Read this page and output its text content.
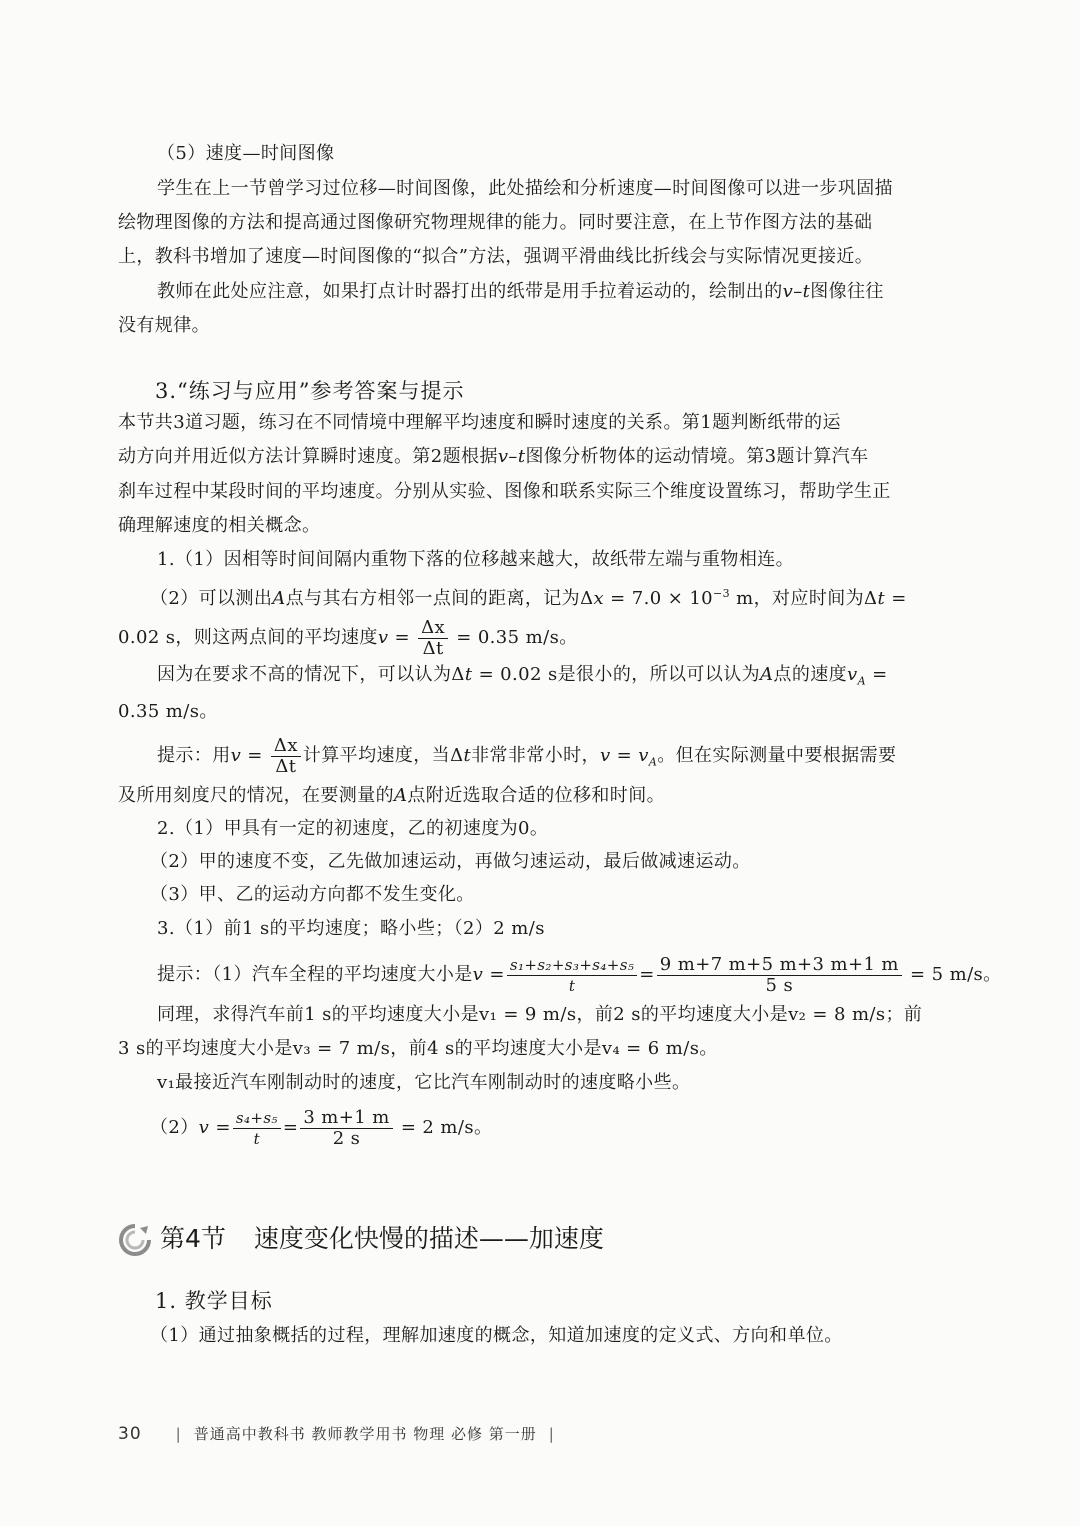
（5）速度—时间图像
学生在上一节曾学习过位移—时间图像，此处描绘和分析速度—时间图像可以进一步巩固描
绘物理图像的方法和提高通过图像研究物理规律的能力。同时要注意，在上节作图方法的基础
上，教科书增加了速度—时间图像的“拟合”方法，强调平滑曲线比折线会与实际情况更接近。
教师在此处应注意，如果打点计时器打出的纸带是用手拉着运动的，绘制出的v–t图像往往
没有规律。
3.“练习与应用”参考答案与提示
本节共3道习题，练习在不同情境中理解平均速度和瞬时速度的关系。第1题判断纸带的运
动方向并用近似方法计算瞬时速度。第2题根据v–t图像分析物体的运动情境。第3题计算汽车
刹车过程中某段时间的平均速度。分别从实验、图像和联系实际三个维度设置练习，帮助学生正
确理解速度的相关概念。
1.（1）因相等时间间隔内重物下落的位移越来越大，故纸带左端与重物相连。
（2）可以测出A点与其右方相邻一点间的距离，记为$\Delta x = 7.0 \times 10^{-3}$ m，对应时间为Δt =
0.02 s，则这两点间的平均速度$v = \frac{\Delta x}{\Delta t} = 0.35$ m/s。
因为在要求不高的情况下，可以认为Δt = 0.02 s是很小的，所以可以认为A点的速度$v_A$ =
0.35 m/s。
提示：用$v = \frac{\Delta x}{\Delta t}$ 计算平均速度，当Δt非常非常小时，$v = v_A$。但在实际测量中要根据需要
及所用刻度尺的情况，在要测量的A点附近选取合适的位移和时间。
2.（1）甲具有一定的初速度，乙的初速度为0。
（2）甲的速度不变，乙先做加速运动，再做匀速运动，最后做减速运动。
（3）甲、乙的运动方向都不发生变化。
3.（1）前1 s的平均速度；略小些；（2）2 m/s
提示：（1）汽车全程的平均速度大小是$v = \frac{\text{s₁+s₂+s₃+s₄+s₅}}{t} = \frac{9 m+7 m+5 m+3 m+1 m}{5 s} = 5$ m/s。
同理，求得汽车前1 s的平均速度大小是v₁ = 9 m/s，前2 s的平均速度大小是v₂ = 8 m/s；前
3 s的平均速度大小是v₃ = 7 m/s，前4 s的平均速度大小是v₄ = 6 m/s。
v₁最接近汽车刚制动时的速度，它比汽车刚制动时的速度略小些。
$(2)v = \frac{\text{s₄+s₅}}{t} = \frac{3 m+1 m}{2 s} = 2$ m/s。
第4节 速度变化快慢的描述——加速度
1. 教学目标
（1）通过抽象概括的过程，理解加速度的概念，知道加速度的定义式、方向和单位。
30 | 普通高中教科书 教师教学用书 物理 必修 第一册 |
